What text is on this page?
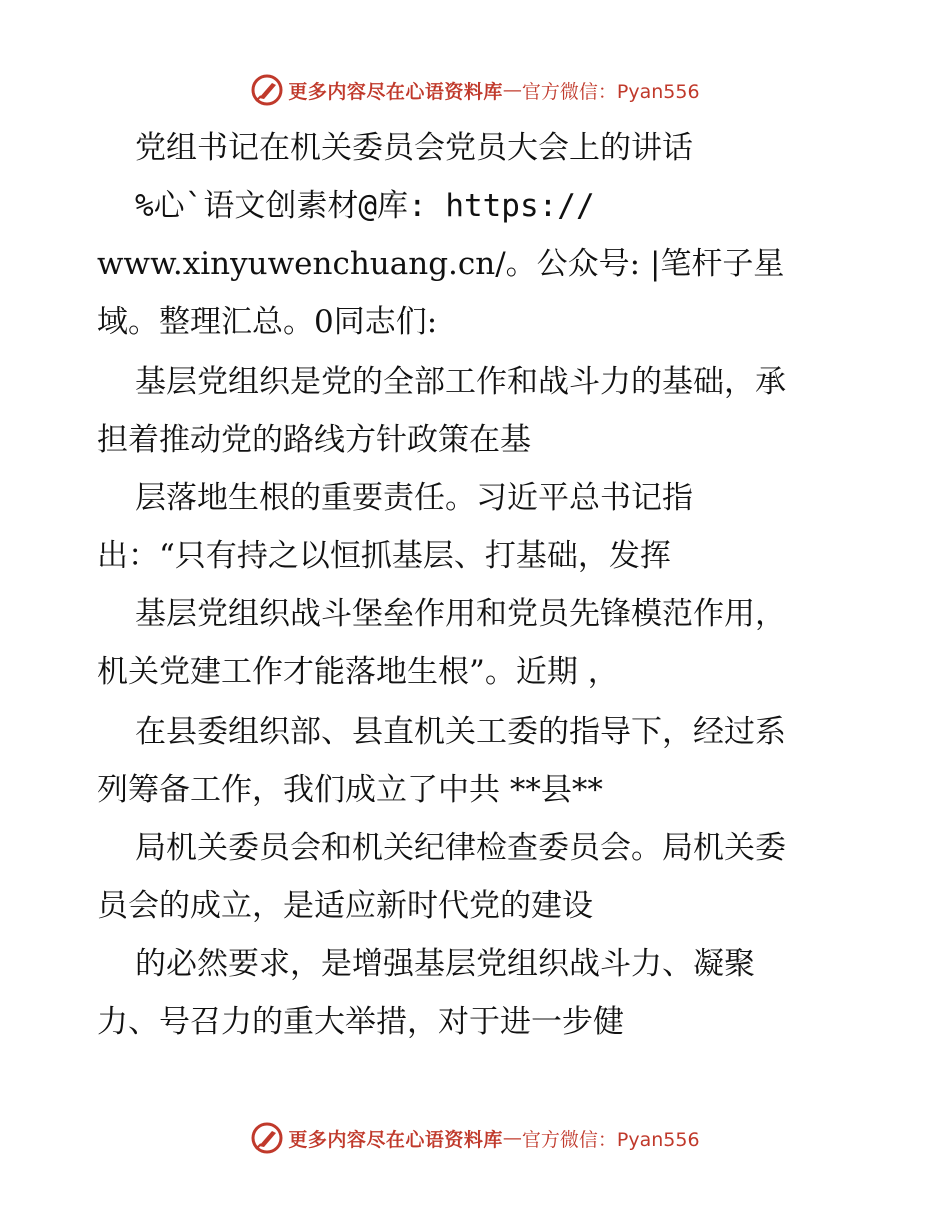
更多内容尽在心语资料库 — 官方微信：Pyan556
党组书记在机关委员会党员大会上的讲话
%心`语文创素材@库: https://
www.xinyuwenchuang.cn/。公众号: |笔杆子星
域。整理汇总。0同志们:
基层党组织是党的全部工作和战斗力的基础，承
担着推动党的路线方针政策在基
层落地生根的重要责任。习近平总书记指
出：“只有持之以恒抓基层、打基础，发挥
基层党组织战斗堡垒作用和党员先锋模范作用，
机关党建工作才能落地生根”。近期 ，
在县委组织部、县直机关工委的指导下，经过系
列筹备工作，我们成立了中共 **县**
局机关委员会和机关纪律检查委员会。局机关委
员会的成立，是适应新时代党的建设
的必然要求，是增强基层党组织战斗力、凝聚
力、号召力的重大举措，对于进一步健
更多内容尽在心语资料库 — 官方微信：Pyan556
